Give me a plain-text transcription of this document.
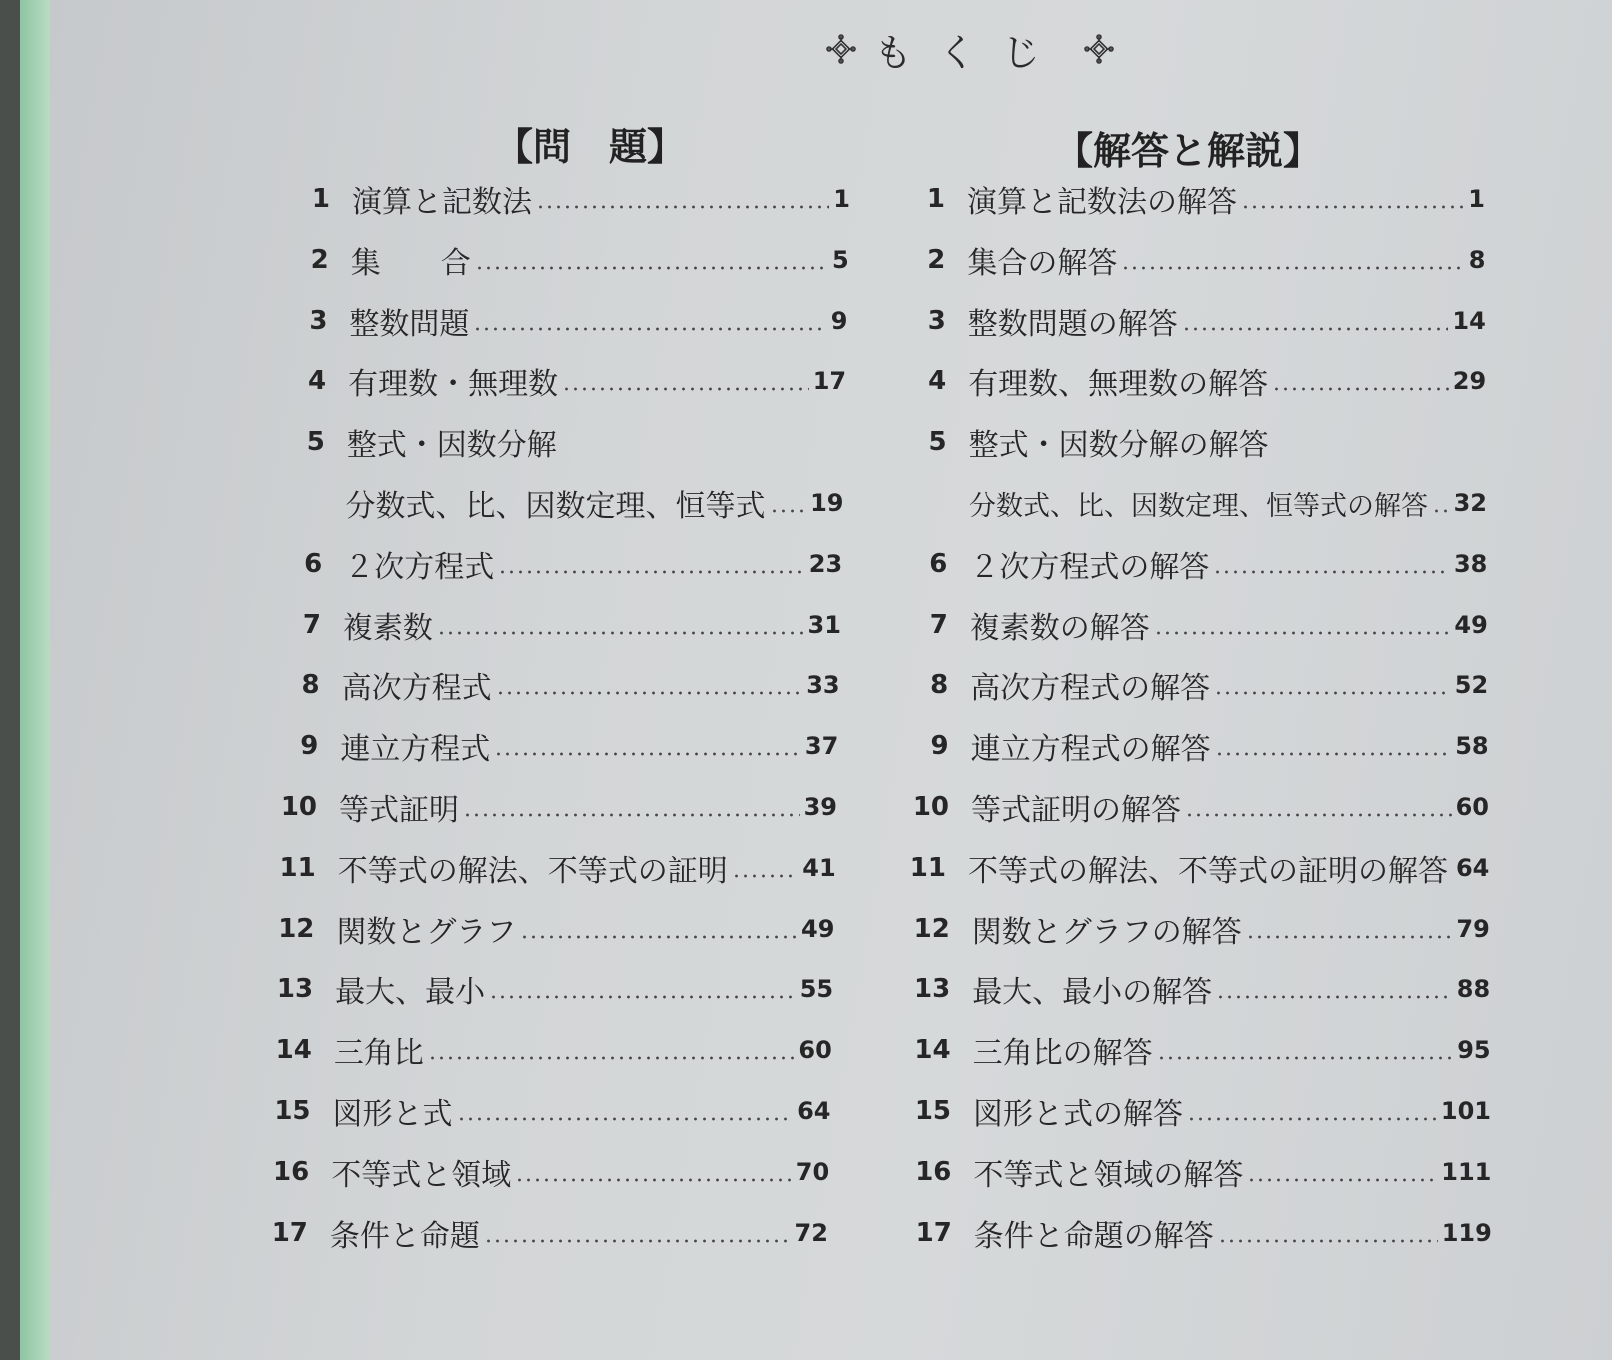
もくじ
【問　題】	【解答と解説】
1 演算と記数法	1
2 集　　合	5
3 整数問題	9
4 有理数・無理数	17
5 整式・因数分解
分数式、比、因数定理、恒等式 19
6 ２次方程式	23
7 複素数	31
8 高次方程式	33
9 連立方程式	37
10 等式証明	39
11 不等式の解法、不等式の証明	41
12 関数とグラフ	49
13 最大、最小	55
14 三角比	60
15 図形と式	64
16 不等式と領域	70
17 条件と命題	72
1 演算と記数法の解答	1
2 集合の解答	8
3 整数問題の解答	14
4 有理数、無理数の解答	29
5 整式・因数分解の解答
分数式、比、因数定理、恒等式の解答 32
6 ２次方程式の解答	38
7 複素数の解答	49
8 高次方程式の解答	52
9 連立方程式の解答	58
10 等式証明の解答	60
11 不等式の解法、不等式の証明の解答 64
12 関数とグラフの解答	79
13 最大、最小の解答	88
14 三角比の解答	95
15 図形と式の解答	101
16 不等式と領域の解答	111
17 条件と命題の解答	119
